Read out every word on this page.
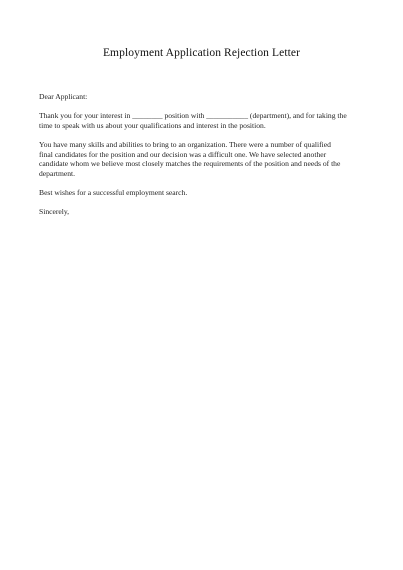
Employment Application Rejection Letter

Dear Applicant:

Thank you for your interest in ________ position with ___________ (department), and for taking the

time to speak with us about your qualifications and interest in the position.

You have many skills and abilities to bring to an organization. There were a number of qualified

final candidates for the position and our decision was a difficult one. We have selected another

candidate whom we believe most closely matches the requirements of the position and needs of the

department.

Best wishes for a successful employment search.

Sincerely,
